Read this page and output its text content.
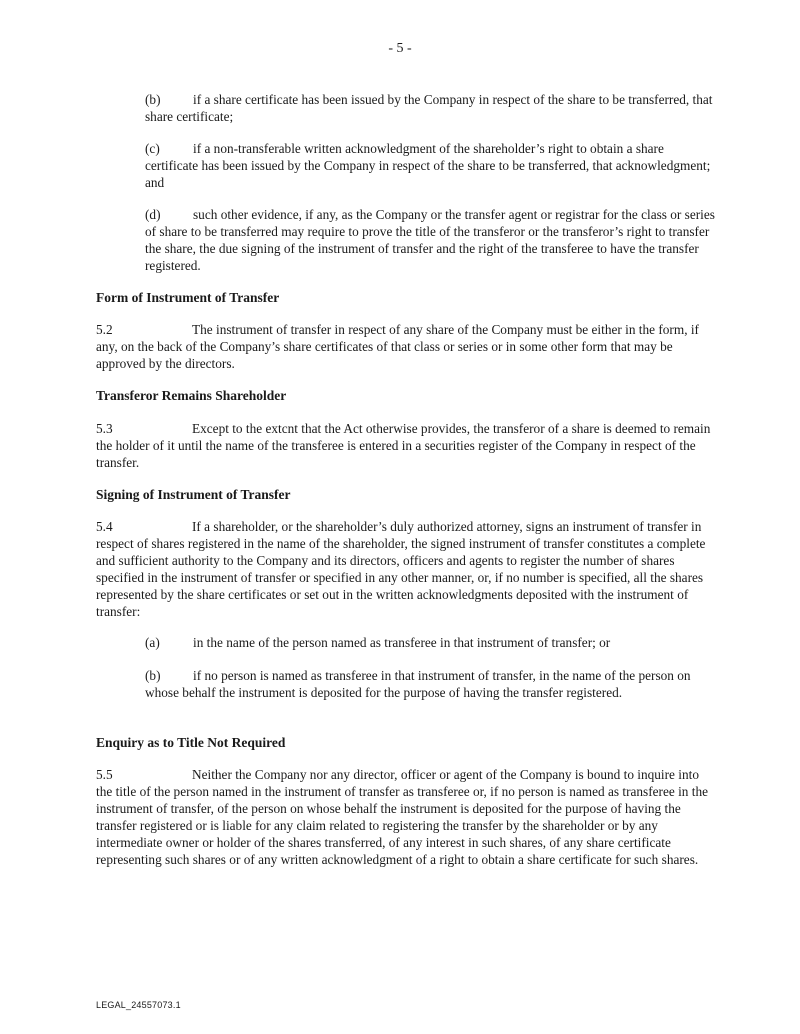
- 5 -
(b) if a share certificate has been issued by the Company in respect of the share to be transferred, that share certificate;
(c) if a non-transferable written acknowledgment of the shareholder’s right to obtain a share certificate has been issued by the Company in respect of the share to be transferred, that acknowledgment; and
(d) such other evidence, if any, as the Company or the transfer agent or registrar for the class or series of share to be transferred may require to prove the title of the transferor or the transferor’s right to transfer the share, the due signing of the instrument of transfer and the right of the transferee to have the transfer registered.
Form of Instrument of Transfer
5.2	The instrument of transfer in respect of any share of the Company must be either in the form, if any, on the back of the Company’s share certificates of that class or series or in some other form that may be approved by the directors.
Transferor Remains Shareholder
5.3	Except to the extcnt that the Act otherwise provides, the transferor of a share is deemed to remain the holder of it until the name of the transferee is entered in a securities register of the Company in respect of the transfer.
Signing of Instrument of Transfer
5.4	If a shareholder, or the shareholder’s duly authorized attorney, signs an instrument of transfer in respect of shares registered in the name of the shareholder, the signed instrument of transfer constitutes a complete and sufficient authority to the Company and its directors, officers and agents to register the number of shares specified in the instrument of transfer or specified in any other manner, or, if no number is specified, all the shares represented by the share certificates or set out in the written acknowledgments deposited with the instrument of transfer:
(a) in the name of the person named as transferee in that instrument of transfer; or
(b) if no person is named as transferee in that instrument of transfer, in the name of the person on whose behalf the instrument is deposited for the purpose of having the transfer registered.
Enquiry as to Title Not Required
5.5	Neither the Company nor any director, officer or agent of the Company is bound to inquire into the title of the person named in the instrument of transfer as transferee or, if no person is named as transferee in the instrument of transfer, of the person on whose behalf the instrument is deposited for the purpose of having the transfer registered or is liable for any claim related to registering the transfer by the shareholder or by any intermediate owner or holder of the shares transferred, of any interest in such shares, of any share certificate representing such shares or of any written acknowledgment of a right to obtain a share certificate for such shares.
LEGAL_24557073.1
